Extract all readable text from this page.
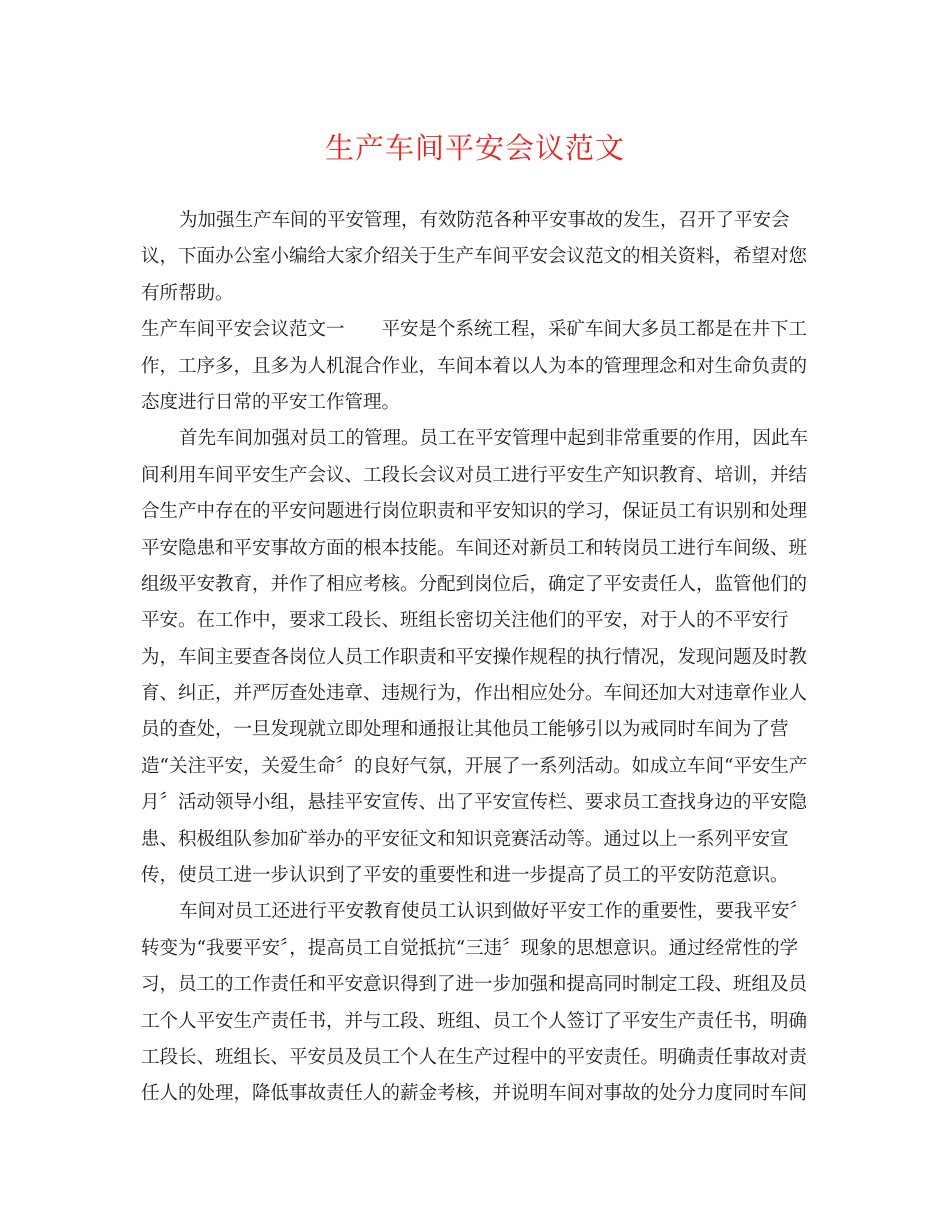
生产车间平安会议范文
为加强生产车间的平安管理，有效防范各种平安事故的发生，召开了平安会
议，下面办公室小编给大家介绍关于生产车间平安会议范文的相关资料，希望对您
有所帮助。
生产车间平安会议范文一　　平安是个系统工程，采矿车间大多员工都是在井下工
作，工序多，且多为人机混合作业，车间本着以人为本的管理理念和对生命负责的
态度进行日常的平安工作管理。
首先车间加强对员工的管理。员工在平安管理中起到非常重要的作用，因此车
间利用车间平安生产会议、工段长会议对员工进行平安生产知识教育、培训，并结
合生产中存在的平安问题进行岗位职责和平安知识的学习，保证员工有识别和处理
平安隐患和平安事故方面的根本技能。车间还对新员工和转岗员工进行车间级、班
组级平安教育，并作了相应考核。分配到岗位后，确定了平安责任人，监管他们的
平安。在工作中，要求工段长、班组长密切关注他们的平安，对于人的不平安行
为，车间主要查各岗位人员工作职责和平安操作规程的执行情况，发现问题及时教
育、纠正，并严厉查处违章、违规行为，作出相应处分。车间还加大对违章作业人
员的查处，一旦发现就立即处理和通报让其他员工能够引以为戒同时车间为了营
造“关注平安，关爱生命〞的良好气氛，开展了一系列活动。如成立车间“平安生产
月〞活动领导小组，悬挂平安宣传、出了平安宣传栏、要求员工查找身边的平安隐
患、积极组队参加矿举办的平安征文和知识竞赛活动等。通过以上一系列平安宣
传，使员工进一步认识到了平安的重要性和进一步提高了员工的平安防范意识。
车间对员工还进行平安教育使员工认识到做好平安工作的重要性，要我平安〞
转变为“我要平安〞，提高员工自觉抵抗“三违〞现象的思想意识。通过经常性的学
习，员工的工作责任和平安意识得到了进一步加强和提高同时制定工段、班组及员
工个人平安生产责任书，并与工段、班组、员工个人签订了平安生产责任书，明确
工段长、班组长、平安员及员工个人在生产过程中的平安责任。明确责任事故对责
任人的处理，降低事故责任人的薪金考核，并说明车间对事故的处分力度同时车间
